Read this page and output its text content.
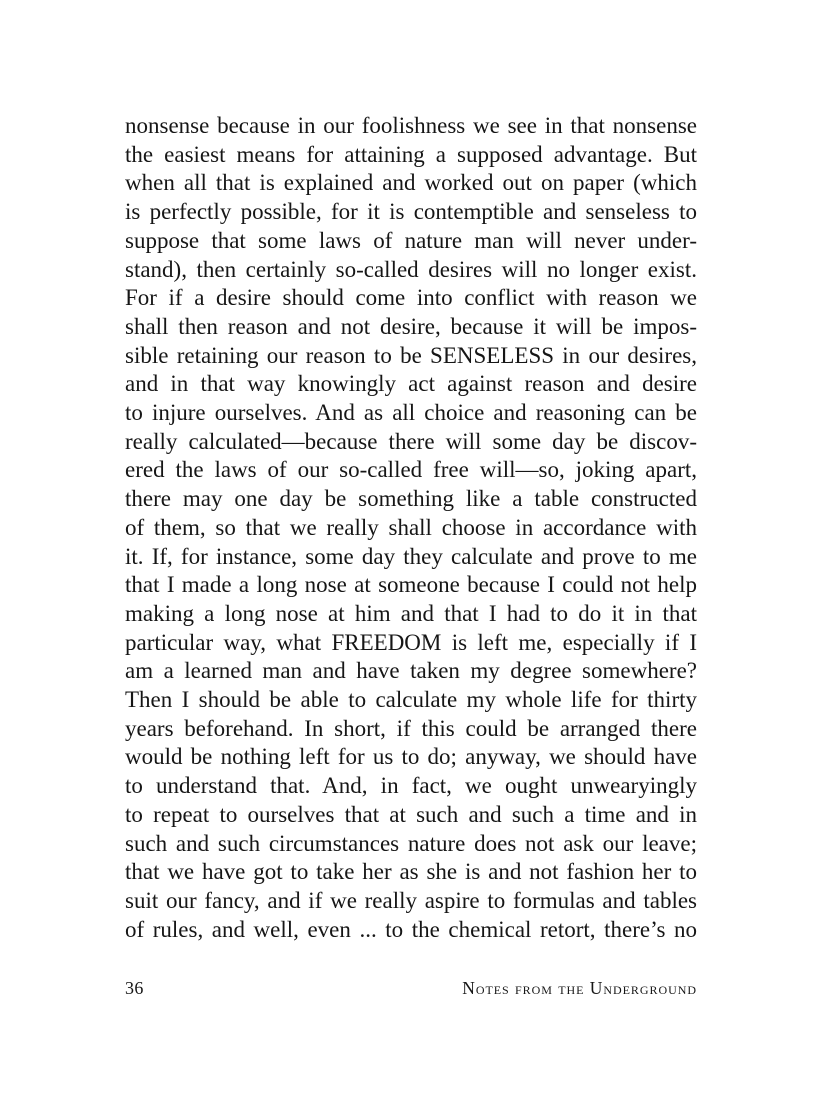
nonsense because in our foolishness we see in that nonsense
the easiest means for attaining a supposed advantage. But
when all that is explained and worked out on paper (which
is perfectly possible, for it is contemptible and senseless to
suppose that some laws of nature man will never under-
stand), then certainly so-called desires will no longer exist.
For if a desire should come into conflict with reason we
shall then reason and not desire, because it will be impos-
sible retaining our reason to be SENSELESS in our desires,
and in that way knowingly act against reason and desire
to injure ourselves. And as all choice and reasoning can be
really calculated—because there will some day be discov-
ered the laws of our so-called free will—so, joking apart,
there may one day be something like a table constructed
of them, so that we really shall choose in accordance with
it. If, for instance, some day they calculate and prove to me
that I made a long nose at someone because I could not help
making a long nose at him and that I had to do it in that
particular way, what FREEDOM is left me, especially if I
am a learned man and have taken my degree somewhere?
Then I should be able to calculate my whole life for thirty
years beforehand. In short, if this could be arranged there
would be nothing left for us to do; anyway, we should have
to understand that. And, in fact, we ought unwearyingly
to repeat to ourselves that at such and such a time and in
such and such circumstances nature does not ask our leave;
that we have got to take her as she is and not fashion her to
suit our fancy, and if we really aspire to formulas and tables
of rules, and well, even ... to the chemical retort, there’s no
36	Notes from the Underground
